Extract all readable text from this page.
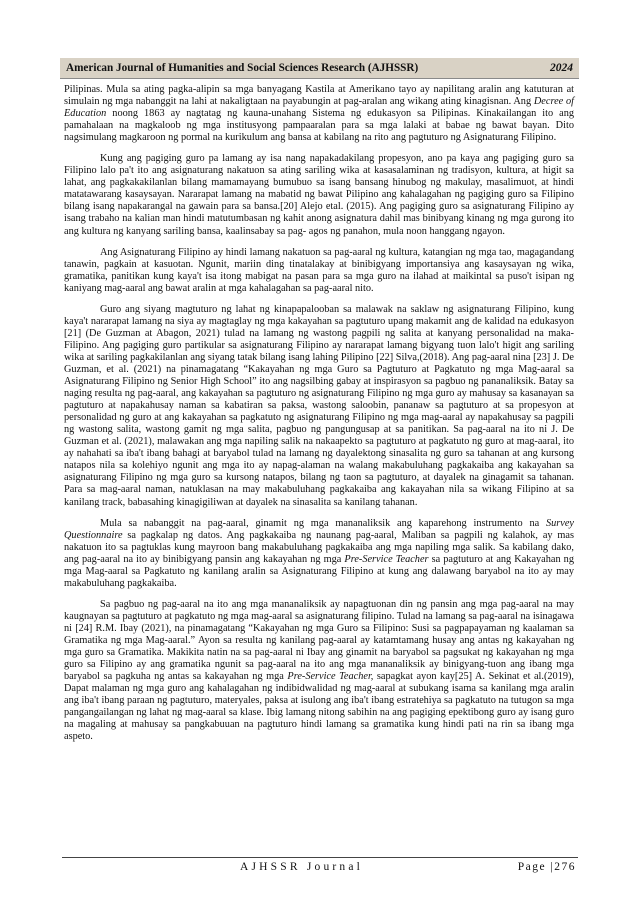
American Journal of Humanities and Social Sciences Research (AJHSSR)	2024

Pilipinas. Mula sa ating pagka-alipin sa mga banyagang Kastila at Amerikano tayo ay napilitang aralin ang katuturan at simulain ng mga nabanggit na lahi at nakaligtaan na payabungin at pag-aralan ang wikang ating kinagisnan. Ang Decree of Education noong 1863 ay nagtatag ng kauna-unahang Sistema ng edukasyon sa Pilipinas. Kinakailangan ito ang pamahalaan na magkaloob ng mga institusyong pampaaralan para sa mga lalaki at babae ng bawat bayan. Dito nagsimulang magkaroon ng pormal na kurikulum ang bansa at kabilang na rito ang pagtuturo ng Asignaturang Filipino.

Kung ang pagiging guro pa lamang ay isa nang napakadakilang propesyon, ano pa kaya ang pagiging guro sa Filipino lalo pa't ito ang asignaturang nakatuon sa ating sariling wika at kasasalaminan ng tradisyon, kultura, at higit sa lahat, ang pagkakakilanlan bilang mamamayang bumubuo sa isang bansang hinubog ng makulay, masalimuot, at hindi matatawarang kasaysayan. Nararapat lamang na mabatid ng bawat Pilipino ang kahalagahan ng pagiging guro sa Filipino bilang isang napakarangal na gawain para sa bansa.[20] Alejo etal. (2015). Ang pagiging guro sa asignaturang Filipino ay isang trabaho na kalian man hindi matutumbasan ng kahit anong asignatura dahil mas binibyang kinang ng mga gurong ito ang kultura ng kanyang sariling bansa, kaalinsabay sa pag- agos ng panahon, mula noon hanggang ngayon.

Ang Asignaturang Filipino ay hindi lamang nakatuon sa pag-aaral ng kultura, katangian ng mga tao, magagandang tanawin, pagkain at kasuotan. Ngunit, mariin ding tinatalakay at binibigyang importansiya ang kasaysayan ng wika, gramatika, panitikan kung kaya't isa itong mabigat na pasan para sa mga guro na ilahad at maikintal sa puso't isipan ng kaniyang mag-aaral ang bawat aralin at mga kahalagahan sa pag-aaral nito.

Guro ang siyang magtuturo ng lahat ng kinapapalooban sa malawak na saklaw ng asignaturang Filipino, kung kaya't nararapat lamang na siya ay magtaglay ng mga kakayahan sa pagtuturo upang makamit ang de kalidad na edukasyon [21] (De Guzman at Abagon, 2021) tulad na lamang ng wastong pagpili ng salita at kanyang personalidad na maka-Filipino. Ang pagiging guro partikular sa asignaturang Filipino ay nararapat lamang bigyang tuon lalo't higit ang sariling wika at sariling pagkakilanlan ang siyang tatak bilang isang lahing Pilipino [22] Silva,(2018). Ang pag-aaral nina [23] J. De Guzman, et al. (2021) na pinamagatang “Kakayahan ng mga Guro sa Pagtuturo at Pagkatuto ng mga Mag-aaral sa Asignaturang Filipino ng Senior High School” ito ang nagsilbing gabay at inspirasyon sa pagbuo ng pananaliksik. Batay sa naging resulta ng pag-aaral, ang kakayahan sa pagtuturo ng asignaturang Filipino ng mga guro ay mahusay sa kasanayan sa pagtuturo at napakahusay naman sa kabatiran sa paksa, wastong saloobin, pananaw sa pagtuturo at sa propesyon at personalidad ng guro at ang kakayahan sa pagkatuto ng asignaturang Filipino ng mga mag-aaral ay napakahusay sa pagpili ng wastong salita, wastong gamit ng mga salita, pagbuo ng pangungusap at sa panitikan. Sa pag-aaral na ito ni J. De Guzman et al. (2021), malawakan ang mga napiling salik na nakaapekto sa pagtuturo at pagkatuto ng guro at mag-aaral, ito ay nahahati sa iba't ibang bahagi at baryabol tulad na lamang ng dayalektong sinasalita ng guro sa tahanan at ang kursong natapos nila sa kolehiyo ngunit ang mga ito ay napag-alaman na walang makabuluhang pagkakaiba ang kakayahan sa asignaturang Filipino ng mga guro sa kursong natapos, bilang ng taon sa pagtuturo, at dayalek na ginagamit sa tahanan. Para sa mag-aaral naman, natuklasan na may makabuluhang pagkakaiba ang kakayahan nila sa wikang Filipino at sa kanilang track, babasahing kinagigiliwan at dayalek na sinasalita sa kanilang tahanan.

Mula sa nabanggit na pag-aaral, ginamit ng mga mananaliksik ang kaparehong instrumento na Survey Questionnaire sa pagkalap ng datos. Ang pagkakaiba ng naunang pag-aaral, Maliban sa pagpili ng kalahok, ay mas nakatuon ito sa pagtuklas kung mayroon bang makabuluhang pagkakaiba ang mga napiling mga salik. Sa kabilang dako, ang pag-aaral na ito ay binibigyang pansin ang kakayahan ng mga Pre-Service Teacher sa pagtuturo at ang Kakayahan ng mga Mag-aaral sa Pagkatuto ng kanilang aralin sa Asignaturang Filipino at kung ang dalawang baryabol na ito ay may makabuluhang pagkakaiba.

Sa pagbuo ng pag-aaral na ito ang mga mananaliksik ay napagtuonan din ng pansin ang mga pag-aaral na may kaugnayan sa pagtuturo at pagkatuto ng mga mag-aaral sa asignaturang filipino. Tulad na lamang sa pag-aaral na isinagawa ni [24] R.M. Ibay (2021), na pinamagatang “Kakayahan ng mga Guro sa Filipino: Susi sa pagpapayaman ng kaalaman sa Gramatika ng mga Mag-aaral.” Ayon sa resulta ng kanilang pag-aaral ay katamtamang husay ang antas ng kakayahan ng mga guro sa Gramatika. Makikita natin na sa pag-aaral ni Ibay ang ginamit na baryabol sa pagsukat ng kakayahan ng mga guro sa Filipino ay ang gramatika ngunit sa pag-aaral na ito ang mga mananaliksik ay binigyang-tuon ang ibang mga baryabol sa pagkuha ng antas sa kakayahan ng mga Pre-Service Teacher, sapagkat ayon kay[25] A. Sekinat et al.(2019), Dapat malaman ng mga guro ang kahalagahan ng indibidwalidad ng mag-aaral at subukang isama sa kanilang mga aralin ang iba't ibang paraan ng pagtuturo, materyales, paksa at isulong ang iba't ibang estratehiya sa pagkatuto na tutugon sa mga pangangailangan ng lahat ng mag-aaral sa klase. Ibig lamang nitong sabihin na ang pagiging epektibong guro ay isang guro na magaling at mahusay sa pangkabuuan na pagtuturo hindi lamang sa gramatika kung hindi pati na rin sa ibang mga aspeto.

AJHSSR Journal	Page |276
